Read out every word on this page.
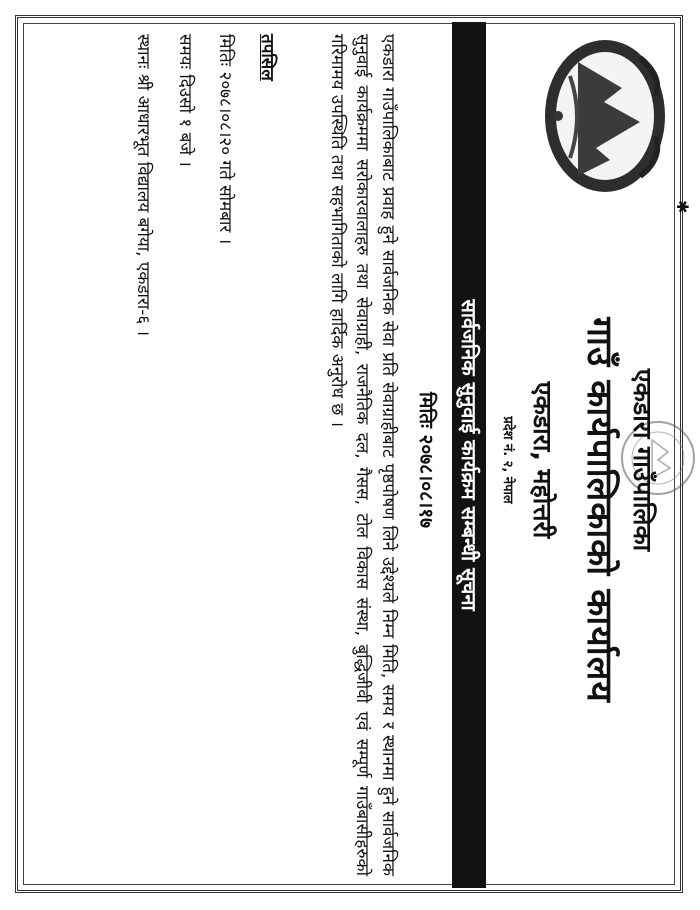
✱
एकडारा गाउँपालिका
गाउँ कार्यपालिकाको कार्यालय
एकडारा, महोत्तरी
प्रदेश नं. २, नेपाल
सार्वजनिक सुनुवाई कार्यक्रम सम्बन्धी सूचना
मितिः २०७८।०८।१७
एकडारा गाउँपालिकाबाट प्रवाह हुने सार्वजनिक सेवा प्रति सेवाग्राहीबाट पृष्ठपोषण लिने उद्देश्यले निम्न मिति, समय र स्थानमा हुने सार्वजनिक सुनुवाई कार्यक्रममा सरोकारवालाहरु तथा सेवाग्राही, राजनैतिक दल, गैसस, टोल विकास संस्था, बुद्धिजीवी एवं सम्पूर्ण गाउँबासीहरुको गरिमामय उपस्थिति तथा सहभागिताको लागि हार्दिक अनुरोध छ ।
तपसिल
मितिः २०७८।०८।२० गते सोमबार ।
समयः दिउसो १ बजे ।
स्थानः श्री आधारभूत विद्यालय बगेया, एकडारा-६ ।
